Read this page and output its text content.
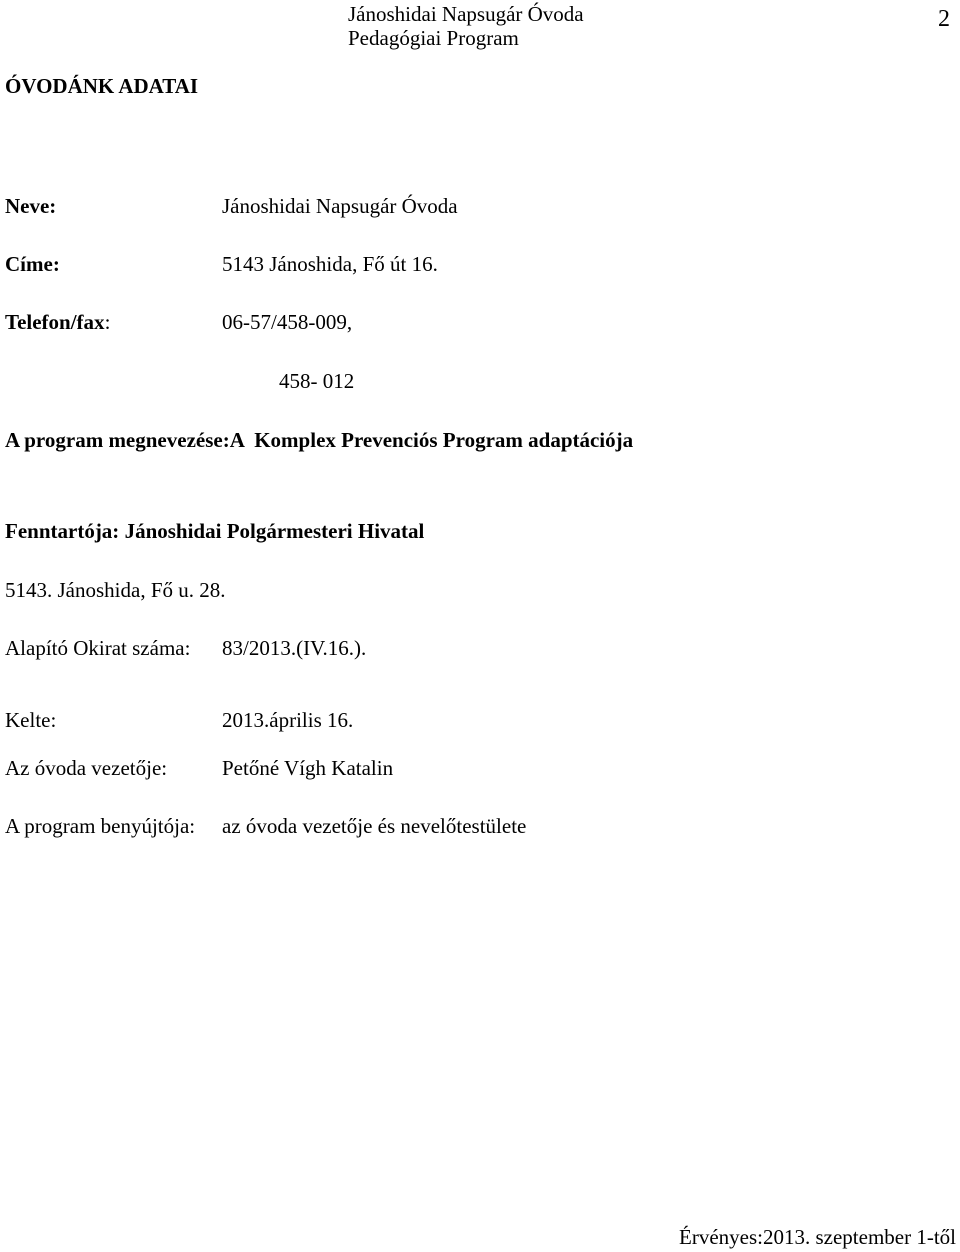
Jánoshidai Napsugár Óvoda
Pedagógiai Program
2
ÓVODÁNK ADATAI
Neve:	Jánoshidai Napsugár Óvoda
Címe:	5143 Jánoshida, Fő út 16.
Telefon/fax:	06-57/458-009,
458- 012
A program megnevezése:A  Komplex Prevenciós Program adaptációja
Fenntartója: Jánoshidai Polgármesteri Hivatal
5143. Jánoshida, Fő u. 28.
Alapító Okirat száma: 83/2013.(IV.16.).
Kelte:	2013.április 16.
Az óvoda vezetője:	Petőné Vígh Katalin
A program benyújtója: az óvoda vezetője és nevelőtestülete
Érvényes:2013. szeptember 1-től
